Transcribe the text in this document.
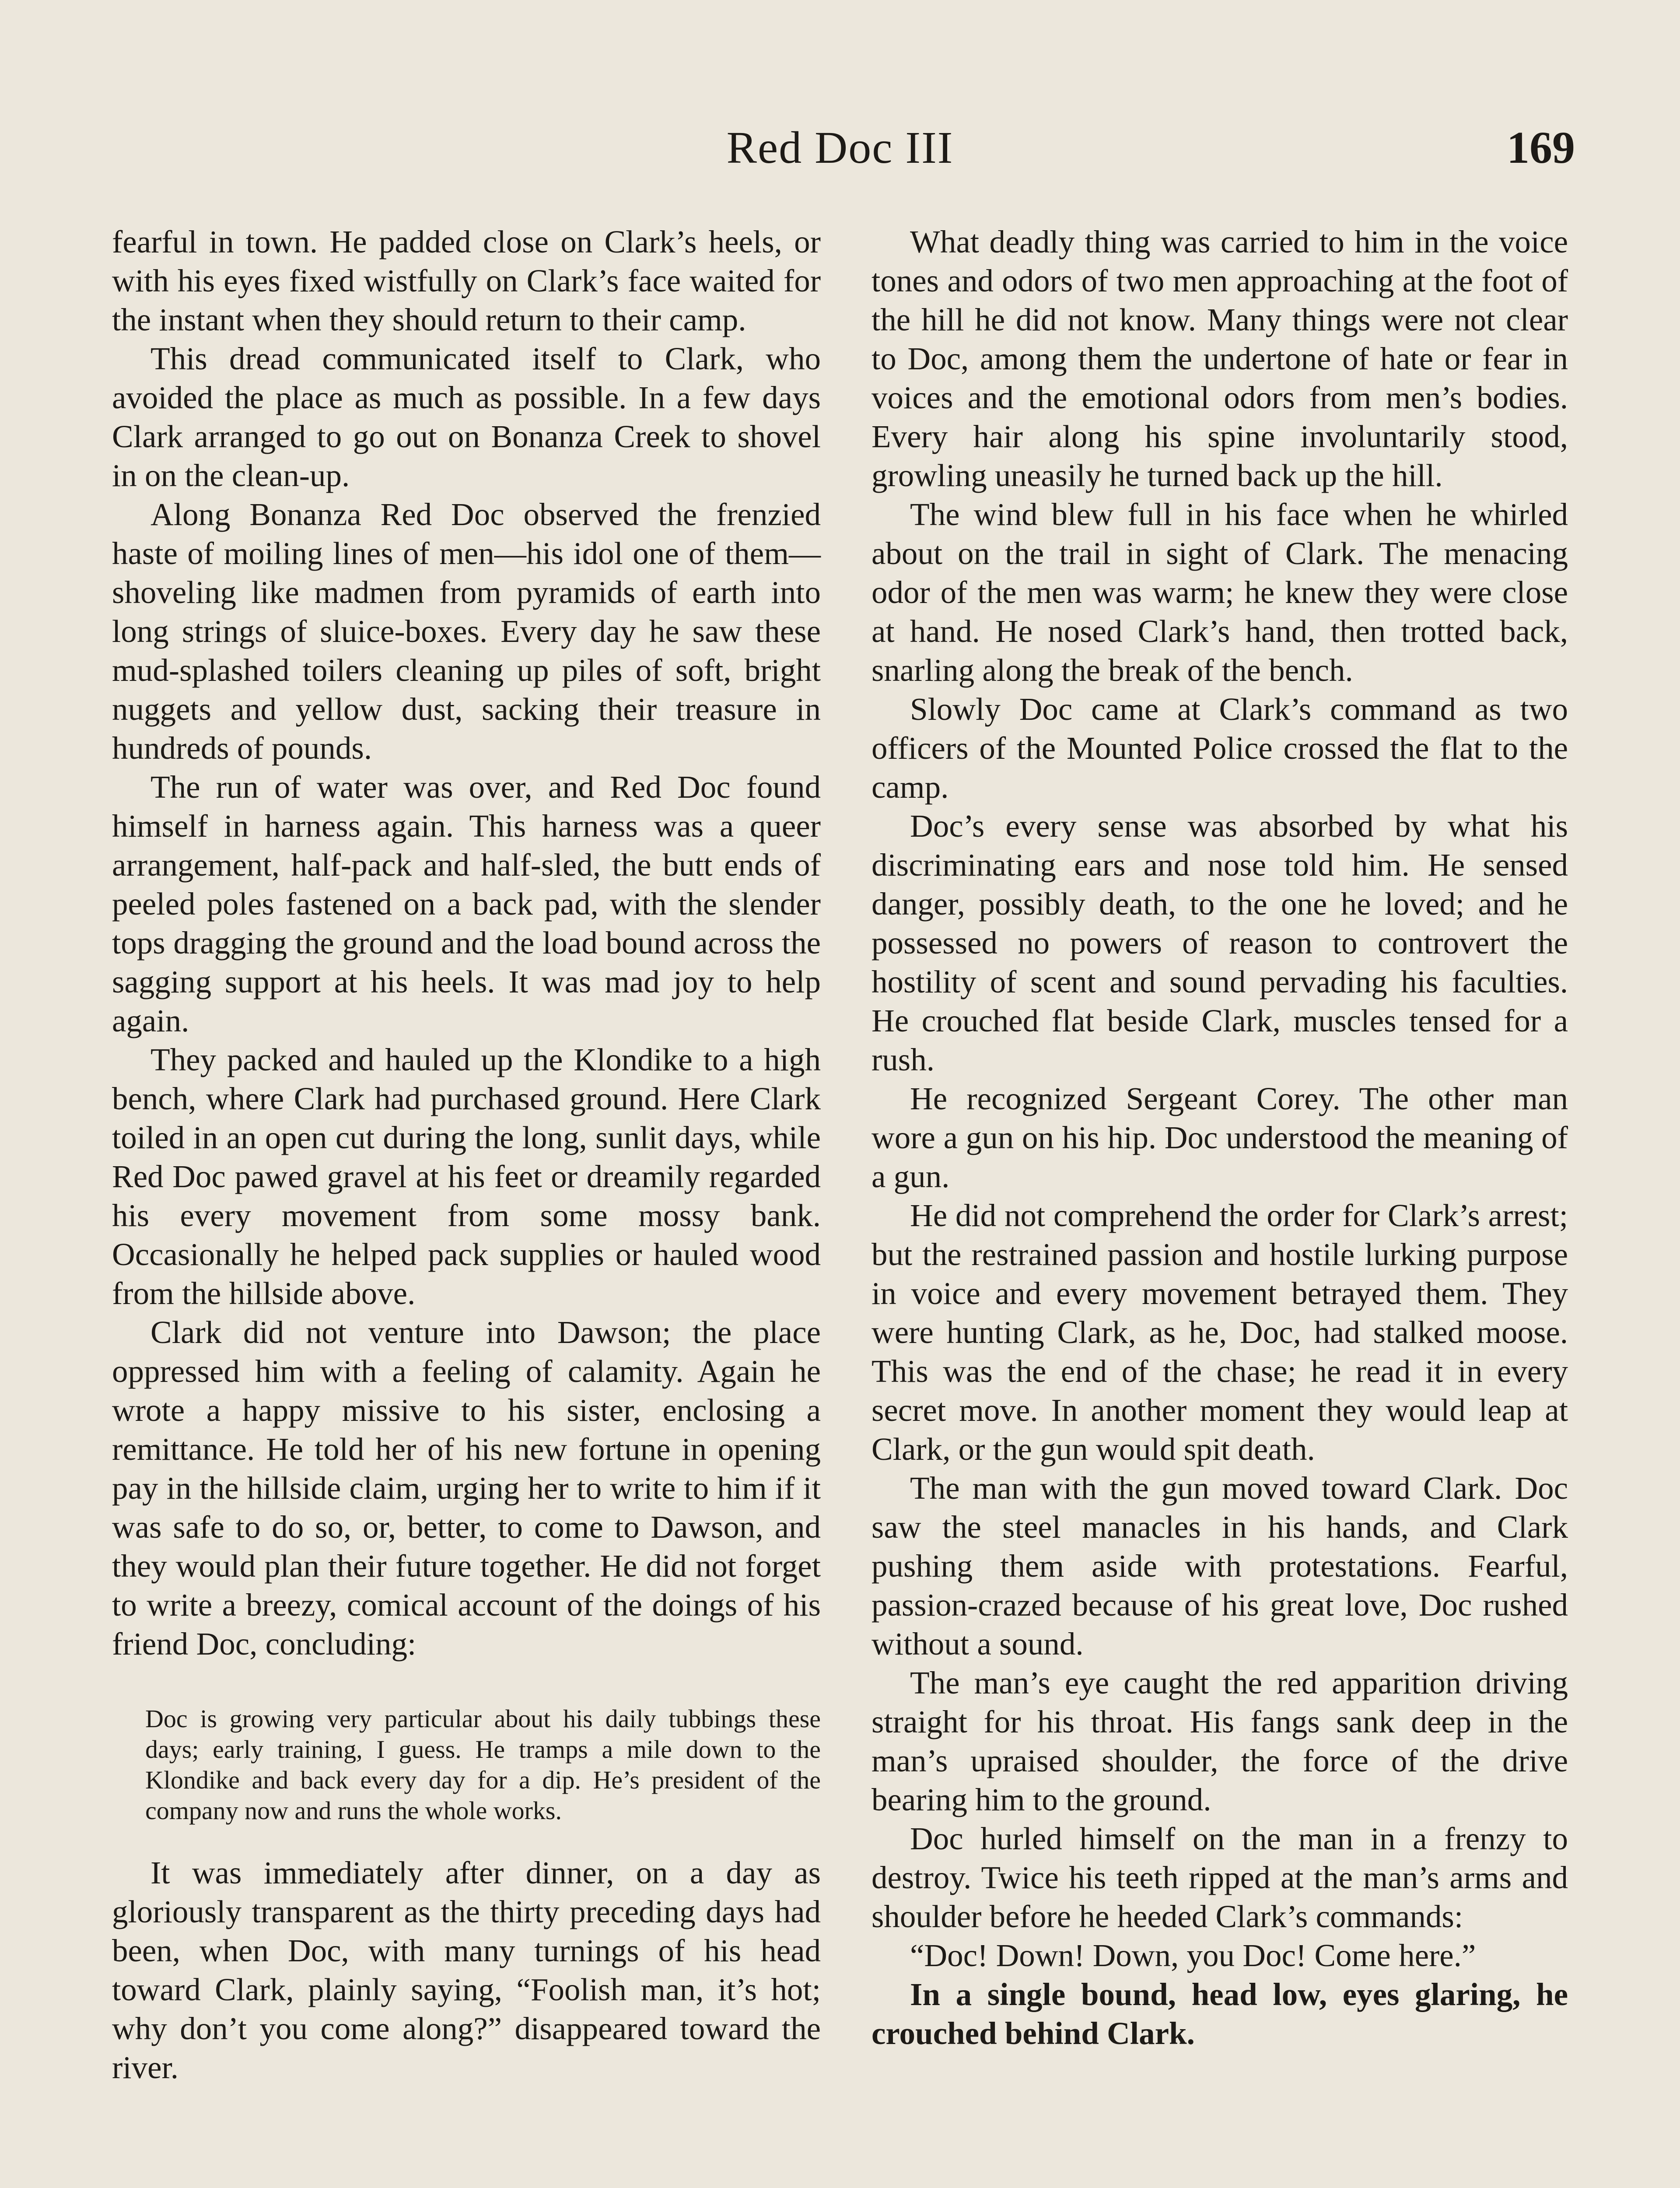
Red Doc III	169

fearful in town. He padded close on Clark’s heels, or with his eyes fixed wistfully on Clark’s face waited for the instant when they should return to their camp.

This dread communicated itself to Clark, who avoided the place as much as possible. In a few days Clark arranged to go out on Bonanza Creek to shovel in on the clean-up.

Along Bonanza Red Doc observed the frenzied haste of moiling lines of men—his idol one of them—shoveling like madmen from pyramids of earth into long strings of sluice-boxes. Every day he saw these mud-splashed toilers cleaning up piles of soft, bright nuggets and yellow dust, sacking their treasure in hundreds of pounds.

The run of water was over, and Red Doc found himself in harness again. This harness was a queer arrangement, half-pack and half-sled, the butt ends of peeled poles fastened on a back pad, with the slender tops dragging the ground and the load bound across the sagging support at his heels. It was mad joy to help again.

They packed and hauled up the Klondike to a high bench, where Clark had purchased ground. Here Clark toiled in an open cut during the long, sunlit days, while Red Doc pawed gravel at his feet or dreamily regarded his every movement from some mossy bank. Occasionally he helped pack supplies or hauled wood from the hillside above.

Clark did not venture into Dawson; the place oppressed him with a feeling of calamity. Again he wrote a happy missive to his sister, enclosing a remittance. He told her of his new fortune in opening pay in the hillside claim, urging her to write to him if it was safe to do so, or, better, to come to Dawson, and they would plan their future together. He did not forget to write a breezy, comical account of the doings of his friend Doc, concluding:

Doc is growing very particular about his daily tubbings these days; early training, I guess. He tramps a mile down to the Klondike and back every day for a dip. He’s president of the company now and runs the whole works.

It was immediately after dinner, on a day as gloriously transparent as the thirty preceding days had been, when Doc, with many turnings of his head toward Clark, plainly saying, “Foolish man, it’s hot; why don’t you come along?” disappeared toward the river.

What deadly thing was carried to him in the voice tones and odors of two men approaching at the foot of the hill he did not know. Many things were not clear to Doc, among them the undertone of hate or fear in voices and the emotional odors from men’s bodies. Every hair along his spine involuntarily stood, growling uneasily he turned back up the hill.

The wind blew full in his face when he whirled about on the trail in sight of Clark. The menacing odor of the men was warm; he knew they were close at hand. He nosed Clark’s hand, then trotted back, snarling along the break of the bench.

Slowly Doc came at Clark’s command as two officers of the Mounted Police crossed the flat to the camp.

Doc’s every sense was absorbed by what his discriminating ears and nose told him. He sensed danger, possibly death, to the one he loved; and he possessed no powers of reason to controvert the hostility of scent and sound pervading his faculties. He crouched flat beside Clark, muscles tensed for a rush.

He recognized Sergeant Corey. The other man wore a gun on his hip. Doc understood the meaning of a gun.

He did not comprehend the order for Clark’s arrest; but the restrained passion and hostile lurking purpose in voice and every movement betrayed them. They were hunting Clark, as he, Doc, had stalked moose. This was the end of the chase; he read it in every secret move. In another moment they would leap at Clark, or the gun would spit death.

The man with the gun moved toward Clark. Doc saw the steel manacles in his hands, and Clark pushing them aside with protestations. Fearful, passion-crazed because of his great love, Doc rushed without a sound.

The man’s eye caught the red apparition driving straight for his throat. His fangs sank deep in the man’s upraised shoulder, the force of the drive bearing him to the ground.

Doc hurled himself on the man in a frenzy to destroy. Twice his teeth ripped at the man’s arms and shoulder before he heeded Clark’s commands:

“Doc! Down! Down, you Doc! Come here.”

In a single bound, head low, eyes glaring, he crouched behind Clark.
